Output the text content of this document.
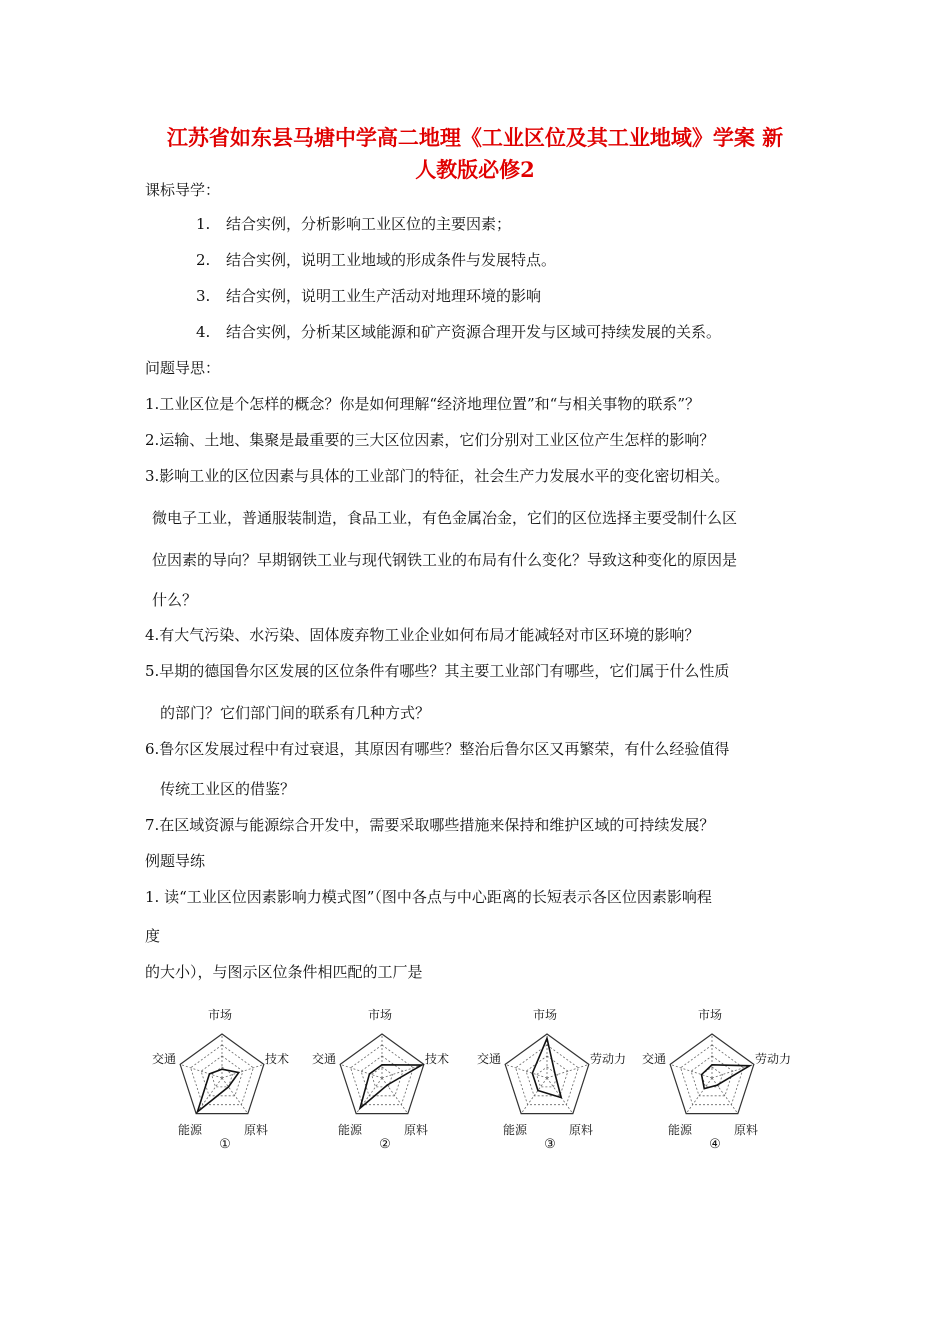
江苏省如东县马塘中学高二地理《工业区位及其工业地域》学案 新
人教版必修2
课标导学：
1. 结合实例，分析影响工业区位的主要因素；
2. 结合实例，说明工业地域的形成条件与发展特点。
3. 结合实例，说明工业生产活动对地理环境的影响
4. 结合实例，分析某区域能源和矿产资源合理开发与区域可持续发展的关系。
问题导思：
1.工业区位是个怎样的概念？你是如何理解“经济地理位置”和“与相关事物的联系”？
2.运输、土地、集聚是最重要的三大区位因素，它们分别对工业区位产生怎样的影响？
3.影响工业的区位因素与具体的工业部门的特征，社会生产力发展水平的变化密切相关。
微电子工业，普通服装制造，食品工业，有色金属冶金，它们的区位选择主要受制什么区
位因素的导向？早期钢铁工业与现代钢铁工业的布局有什么变化？导致这种变化的原因是
什么？
4.有大气污染、水污染、固体废弃物工业企业如何布局才能减轻对市区环境的影响？
5.早期的德国鲁尔区发展的区位条件有哪些？其主要工业部门有哪些，它们属于什么性质
的部门？它们部门间的联系有几种方式？
6.鲁尔区发展过程中有过衰退，其原因有哪些？整治后鲁尔区又再繁荣，有什么经验值得
传统工业区的借鉴？
7.在区域资源与能源综合开发中，需要采取哪些措施来保持和维护区域的可持续发展？
例题导练
1. 读“工业区位因素影响力模式图”（图中各点与中心距离的长短表示各区位因素影响程
度
的大小），与图示区位条件相匹配的工厂是
市场
技术
原料
能源
交通
①
市场
技术
原料
能源
交通
②
市场
劳动力
原料
能源
交通
③
市场
劳动力
原料
能源
交通
④
